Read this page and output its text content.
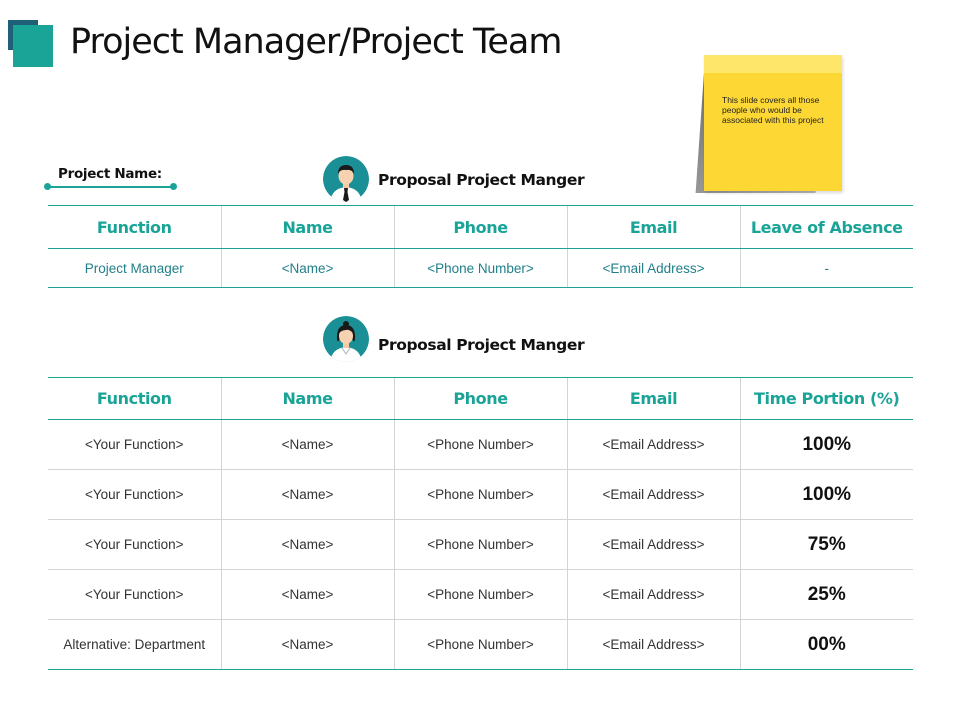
Project Manager/Project Team
This slide covers all those people who would be associated with this project
Project Name:	Proposal Project Manger
Function	Name	Phone	Email	Leave of Absence
Project Manager	<Name>	<Phone Number>	<Email Address>	-
Proposal Project Manger
Function	Name	Phone	Email	Time Portion (%)
<Your Function>	<Name>	<Phone Number>	<Email Address>	100%
<Your Function>	<Name>	<Phone Number>	<Email Address>	100%
<Your Function>	<Name>	<Phone Number>	<Email Address>	75%
<Your Function>	<Name>	<Phone Number>	<Email Address>	25%
Alternative: Department	<Name>	<Phone Number>	<Email Address>	00%
